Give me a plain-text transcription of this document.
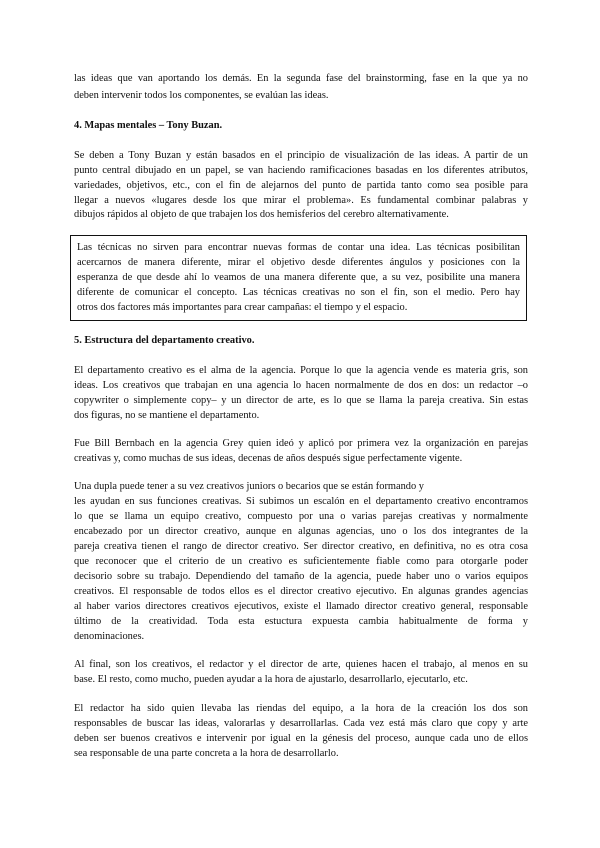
las ideas que van aportando los demás. En la segunda fase del brainstorming, fase en la que ya no
deben intervenir todos los componentes, se evalúan las ideas.
4. Mapas mentales – Tony Buzan.
Se deben a Tony Buzan y están basados en el principio de visualización de las ideas. A partir de un
punto central dibujado en un papel, se van haciendo ramificaciones basadas en los diferentes atributos,
variedades, objetivos, etc., con el fin de alejarnos del punto de partida tanto como sea posible para
llegar a nuevos «lugares desde los que mirar el problema». Es fundamental combinar palabras y
dibujos rápidos al objeto de que trabajen los dos hemisferios del cerebro alternativamente.
Las técnicas no sirven para encontrar nuevas formas de contar una idea. Las técnicas posibilitan
acercarnos de manera diferente, mirar el objetivo desde diferentes ángulos y posiciones con la
esperanza de que desde ahí lo veamos de una manera diferente que, a su vez, posibilite una manera
diferente de comunicar el concepto. Las técnicas creativas no son el fin, son el medio. Pero hay
otros dos factores más importantes para crear campañas: el tiempo y el espacio.
5. Estructura del departamento creativo.
El departamento creativo es el alma de la agencia. Porque lo que la agencia vende es materia gris, son
ideas. Los creativos que trabajan en una agencia lo hacen normalmente de dos en dos: un redactor –o
copywriter o simplemente copy– y un director de arte, es lo que se llama la pareja creativa. Sin estas
dos figuras, no se mantiene el departamento.
Fue Bill Bernbach en la agencia Grey quien ideó y aplicó por primera vez la organización en parejas
creativas y, como muchas de sus ideas, decenas de años después sigue perfectamente vigente.
Una dupla puede tener a su vez creativos juniors o becarios que se están formando y
les ayudan en sus funciones creativas. Si subimos un escalón en el departamento creativo encontramos
lo que se llama un equipo creativo, compuesto por una o varias parejas creativas y normalmente
encabezado por un director creativo, aunque en algunas agencias, uno o los dos integrantes de la
pareja creativa tienen el rango de director creativo. Ser director creativo, en definitiva, no es otra cosa
que reconocer que el criterio de un creativo es suficientemente fiable como para otorgarle poder
decisorio sobre su trabajo. Dependiendo del tamaño de la agencia, puede haber uno o varios equipos
creativos. El responsable de todos ellos es el director creativo ejecutivo. En algunas grandes agencias
al haber varios directores creativos ejecutivos, existe el llamado director creativo general, responsable
último de la creatividad. Toda esta estuctura expuesta cambia habitualmente de forma y
denominaciones.
Al final, son los creativos, el redactor y el director de arte, quienes hacen el trabajo, al menos en su
base. El resto, como mucho, pueden ayudar a la hora de ajustarlo, desarrollarlo, ejecutarlo, etc.
El redactor ha sido quien llevaba las riendas del equipo, a la hora de la creación los dos son
responsables de buscar las ideas, valorarlas y desarrollarlas. Cada vez está más claro que copy y arte
deben ser buenos creativos e intervenir por igual en la génesis del proceso, aunque cada uno de ellos
sea responsable de una parte concreta a la hora de desarrollarlo.
